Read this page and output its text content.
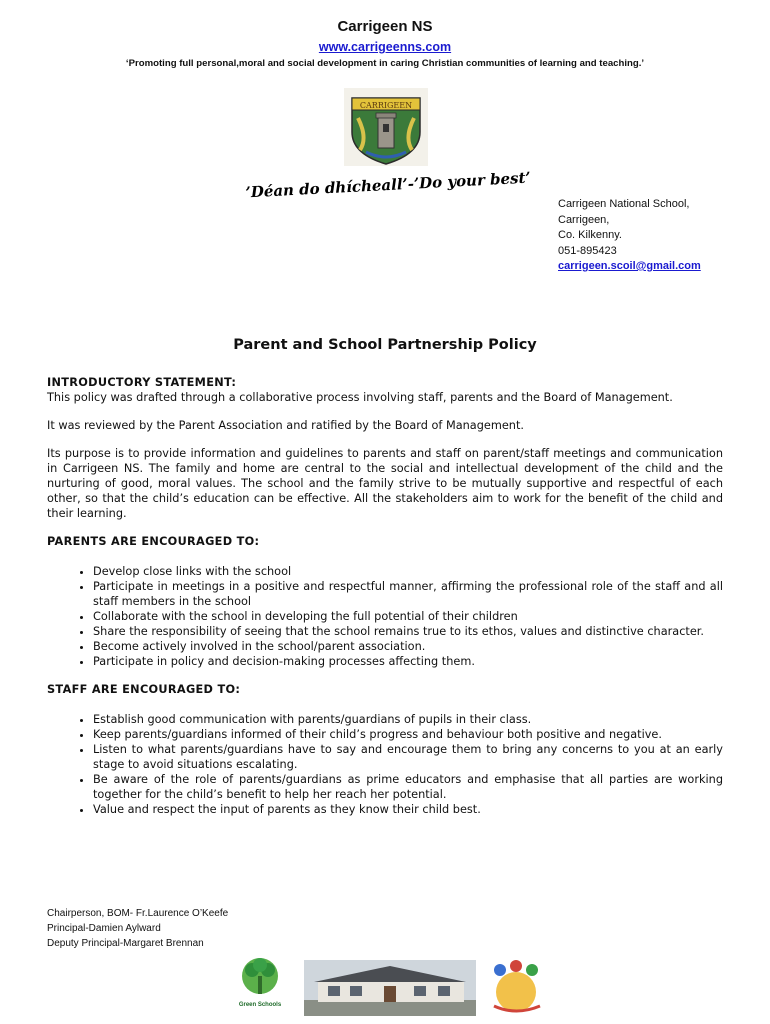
Carrigeen NS
www.carrigeenns.com
‘Promoting full personal,moral and social development in caring Christian communities of learning and teaching.’
CARRIGEEN
’Déan do dhícheall’-’Do your best’
Carrigeen National School,
Carrigeen,
Co. Kilkenny.
051-895423
carrigeen.scoil@gmail.com
Parent and School Partnership Policy
INTRODUCTORY STATEMENT:

This policy was drafted through a collaborative process involving staff, parents and the Board of Management.

It was reviewed by the Parent Association and ratified by the Board of Management.

Its purpose is to provide information and guidelines to parents and staff on parent/staff meetings and communication in Carrigeen NS. The family and home are central to the social and intellectual development of the child and the nurturing of good, moral values. The school and the family strive to be mutually supportive and respectful of each other, so that the child’s education can be effective. All the stakeholders aim to work for the benefit of the child and their learning.

PARENTS ARE ENCOURAGED TO:
• Develop close links with the school
• Participate in meetings in a positive and respectful manner, affirming the professional role of the staff and all staff members in the school
• Collaborate with the school in developing the full potential of their children
• Share the responsibility of seeing that the school remains true to its ethos, values and distinctive character.
• Become actively involved in the school/parent association.
• Participate in policy and decision-making processes affecting them.
STAFF ARE ENCOURAGED TO:
• Establish good communication with parents/guardians of pupils in their class.
• Keep parents/guardians informed of their child’s progress and behaviour both positive and negative.
• Listen to what parents/guardians have to say and encourage them to bring any concerns to you at an early stage to avoid situations escalating.
• Be aware of the role of parents/guardians as prime educators and emphasise that all parties are working together for the child’s benefit to help her reach her potential.
• Value and respect the input of parents as they know their child best.
Chairperson, BOM- Fr.Laurence O’Keefe
Principal-Damien Aylward
Deputy Principal-Margaret Brennan
Green Schools
